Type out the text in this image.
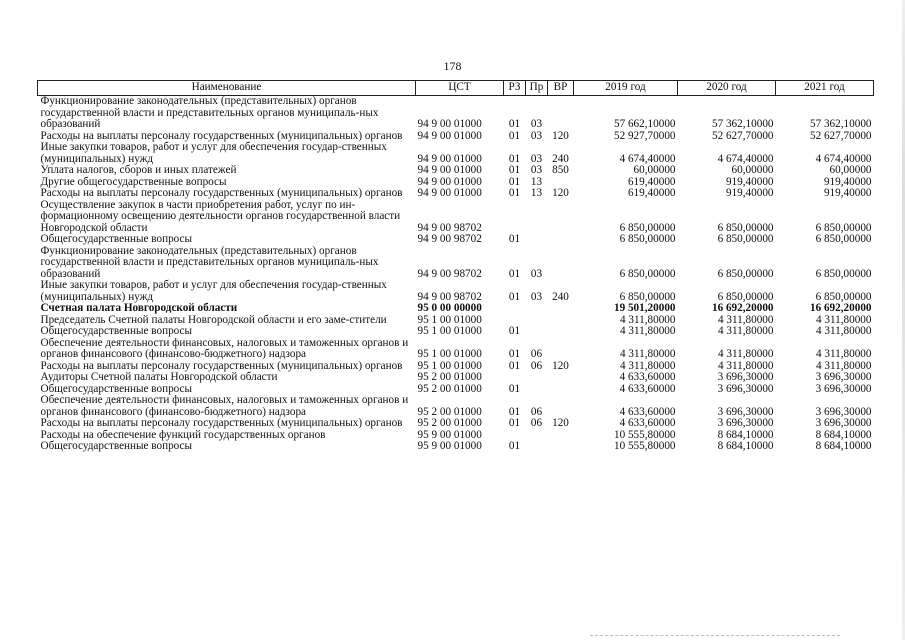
178
Наименование	ЦСТ	РЗ	Пр	ВР	2019 год	2020 год	2021 год
Функционирование законодательных (представительных) органов государственной власти и представительных органов муниципаль-ных образований	94 9 00 01000	01	03		57 662,10000	57 362,10000	57 362,10000
Расходы на выплаты персоналу государственных (муниципальных) органов	94 9 00 01000	01	03	120	52 927,70000	52 627,70000	52 627,70000
Иные закупки товаров, работ и услуг для обеспечения государ-ственных (муниципальных) нужд	94 9 00 01000	01	03	240	4 674,40000	4 674,40000	4 674,40000
Уплата налогов, сборов и иных платежей	94 9 00 01000	01	03	850	60,00000	60,00000	60,00000
Другие общегосударственные вопросы	94 9 00 01000	01	13		619,40000	919,40000	919,40000
Расходы на выплаты персоналу государственных (муниципальных) органов	94 9 00 01000	01	13	120	619,40000	919,40000	919,40000
Осуществление закупок в части приобретения работ, услуг по ин-формационному освещению деятельности органов государственной власти Новгородской области	94 9 00 98702				6 850,00000	6 850,00000	6 850,00000
Общегосударственные вопросы	94 9 00 98702	01			6 850,00000	6 850,00000	6 850,00000
Функционирование законодательных (представительных) органов государственной власти и представительных органов муниципаль-ных образований	94 9 00 98702	01	03		6 850,00000	6 850,00000	6 850,00000
Иные закупки товаров, работ и услуг для обеспечения государ-ственных (муниципальных) нужд	94 9 00 98702	01	03	240	6 850,00000	6 850,00000	6 850,00000
Счетная палата Новгородской области	95 0 00 00000				19 501,20000	16 692,20000	16 692,20000
Председатель Счетной палаты Новгородской области и его заме-стители	95 1 00 01000				4 311,80000	4 311,80000	4 311,80000
Общегосударственные вопросы	95 1 00 01000	01			4 311,80000	4 311,80000	4 311,80000
Обеспечение деятельности финансовых, налоговых и таможенных органов и органов финансового (финансово-бюджетного) надзора	95 1 00 01000	01	06		4 311,80000	4 311,80000	4 311,80000
Расходы на выплаты персоналу государственных (муниципальных) органов	95 1 00 01000	01	06	120	4 311,80000	4 311,80000	4 311,80000
Аудиторы Счетной палаты Новгородской области	95 2 00 01000				4 633,60000	3 696,30000	3 696,30000
Общегосударственные вопросы	95 2 00 01000	01			4 633,60000	3 696,30000	3 696,30000
Обеспечение деятельности финансовых, налоговых и таможенных органов и органов финансового (финансово-бюджетного) надзора	95 2 00 01000	01	06		4 633,60000	3 696,30000	3 696,30000
Расходы на выплаты персоналу государственных (муниципальных) органов	95 2 00 01000	01	06	120	4 633,60000	3 696,30000	3 696,30000
Расходы на обеспечение функций государственных органов	95 9 00 01000				10 555,80000	8 684,10000	8 684,10000
Общегосударственные вопросы	95 9 00 01000	01			10 555,80000	8 684,10000	8 684,10000
